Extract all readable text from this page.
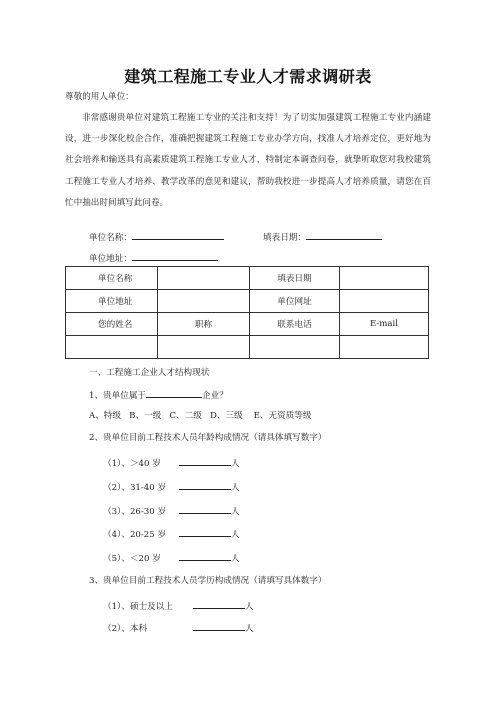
建筑工程施工专业人才需求调研表
尊敬的用人单位：
非常感谢贵单位对建筑工程施工专业的关注和支持！为了切实加强建筑工程施工专业内涵建设，进一步深化校企合作，准确把握建筑工程施工专业办学方向，找准人才培养定位，更好地为社会培养和输送具有高素质建筑工程施工专业人才，特制定本调查问卷，就挚听取您对我校建筑工程施工专业人才培养、教学改革的意见和建议，帮助我校进一步提高人才培养质量，请您在百忙中抽出时间填写此问卷。
单位名称：	填表日期：
单位地址：
单位名称		填表日期	
单位地址		单位网址	
您的姓名	职称	联系电话	E-mail

一、工程施工企业人才结构现状
1、贵单位属于	企业？
A、特级   B、一级   C、二级   D、三级    E、无资质等级
2、贵单位目前工程技术人员年龄构成情况（请具体填写数字）
（1）、＞40 岁	人
（2）、31-40 岁	人
（3）、26-30 岁	人
（4）、20-25 岁	人
（5）、＜20 岁	人
3、贵单位目前工程技术人员学历构成情况（请填写具体数字）
（1）、硕士及以上	人
（2）、本科	人
